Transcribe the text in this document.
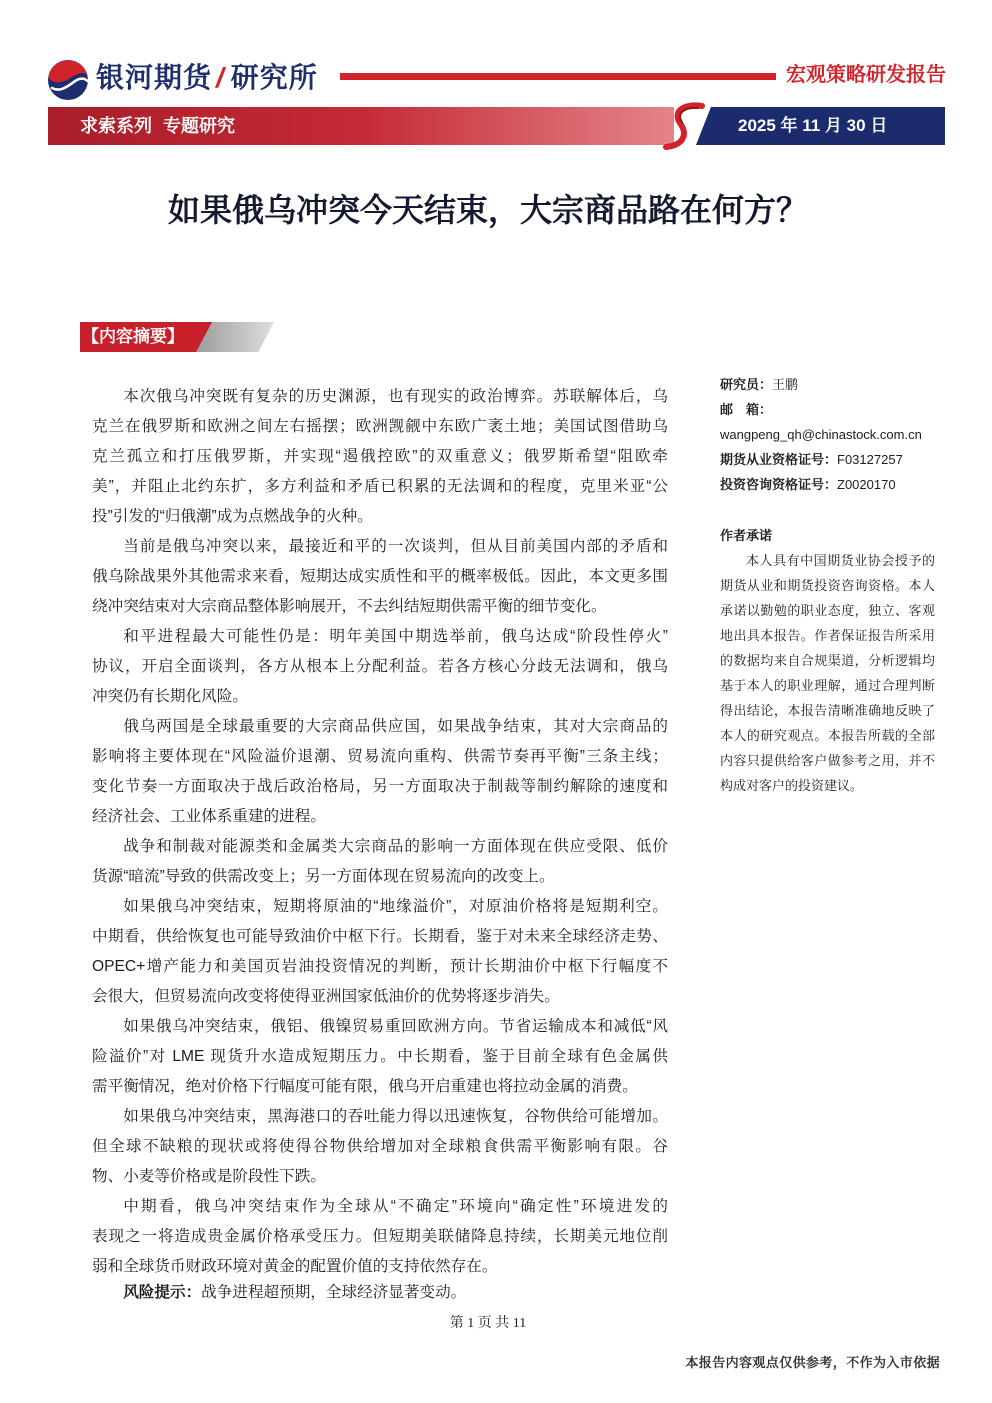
银河期货 / 研究所	宏观策略研发报告
求索系列 专题研究	2025 年 11 月 30 日
如果俄乌冲突今天结束，大宗商品路在何方？
【内容摘要】
本次俄乌冲突既有复杂的历史渊源，也有现实的政治博弈。苏联解体后，乌
克兰在俄罗斯和欧洲之间左右摇摆；欧洲觊觎中东欧广袤土地；美国试图借助乌
克兰孤立和打压俄罗斯，并实现“遏俄控欧”的双重意义；俄罗斯希望“阻欧牵
美”，并阻止北约东扩，多方利益和矛盾已积累的无法调和的程度，克里米亚“公
投”引发的“归俄潮”成为点燃战争的火种。
当前是俄乌冲突以来，最接近和平的一次谈判，但从目前美国内部的矛盾和
俄乌除战果外其他需求来看，短期达成实质性和平的概率极低。因此，本文更多围
绕冲突结束对大宗商品整体影响展开，不去纠结短期供需平衡的细节变化。
和平进程最大可能性仍是：明年美国中期选举前，俄乌达成“阶段性停火”
协议，开启全面谈判，各方从根本上分配利益。若各方核心分歧无法调和，俄乌
冲突仍有长期化风险。
俄乌两国是全球最重要的大宗商品供应国，如果战争结束，其对大宗商品的
影响将主要体现在“风险溢价退潮、贸易流向重构、供需节奏再平衡”三条主线；
变化节奏一方面取决于战后政治格局，另一方面取决于制裁等制约解除的速度和
经济社会、工业体系重建的进程。
战争和制裁对能源类和金属类大宗商品的影响一方面体现在供应受限、低价
货源“暗流”导致的供需改变上；另一方面体现在贸易流向的改变上。
如果俄乌冲突结束，短期将原油的“地缘溢价”，对原油价格将是短期利空。
中期看，供给恢复也可能导致油价中枢下行。长期看，鉴于对未来全球经济走势、
OPEC+增产能力和美国页岩油投资情况的判断，预计长期油价中枢下行幅度不
会很大，但贸易流向改变将使得亚洲国家低油价的优势将逐步消失。
如果俄乌冲突结束，俄铝、俄镍贸易重回欧洲方向。节省运输成本和减低“风
险溢价”对 LME 现货升水造成短期压力。中长期看，鉴于目前全球有色金属供
需平衡情况，绝对价格下行幅度可能有限，俄乌开启重建也将拉动金属的消费。
如果俄乌冲突结束，黑海港口的吞吐能力得以迅速恢复，谷物供给可能增加。
但全球不缺粮的现状或将使得谷物供给增加对全球粮食供需平衡影响有限。谷
物、小麦等价格或是阶段性下跌。
中期看，俄乌冲突结束作为全球从“不确定”环境向“确定性”环境进发的
表现之一将造成贵金属价格承受压力。但短期美联储降息持续，长期美元地位削
弱和全球货币财政环境对黄金的配置价值的支持依然存在。
风险提示：战争进程超预期，全球经济显著变动。
研究员：王鹏
邮　箱：
wangpeng_qh@chinastock.com.cn
期货从业资格证号：F03127257
投资咨询资格证号：Z0020170
作者承诺
本人具有中国期货业协会授予的
期货从业和期货投资咨询资格。本人
承诺以勤勉的职业态度，独立、客观
地出具本报告。作者保证报告所采用
的数据均来自合规渠道，分析逻辑均
基于本人的职业理解，通过合理判断
得出结论，本报告清晰准确地反映了
本人的研究观点。本报告所载的全部
内容只提供给客户做参考之用，并不
构成对客户的投资建议。
第 1 页 共 11
本报告内容观点仅供参考，不作为入市依据
